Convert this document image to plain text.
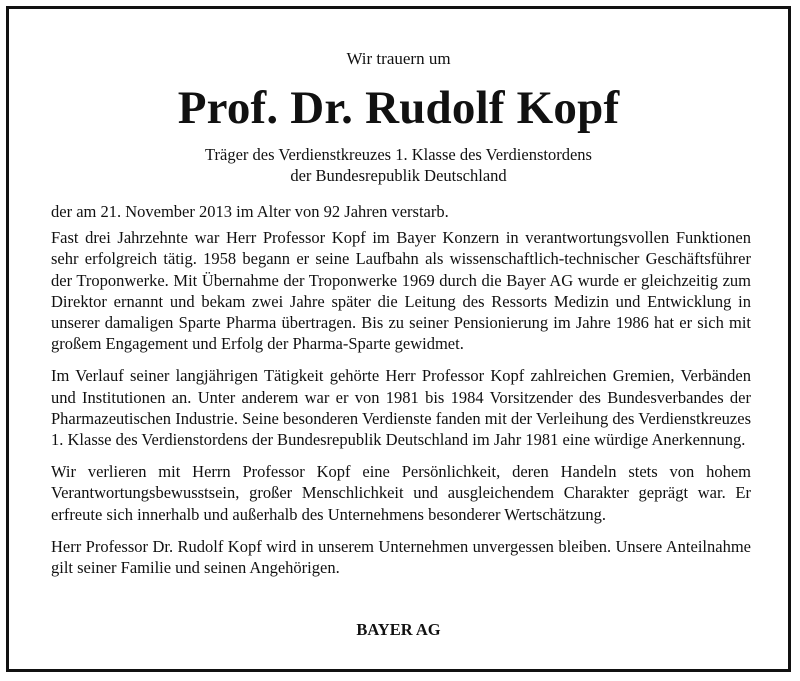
Wir trauern um
Prof. Dr. Rudolf Kopf
Träger des Verdienstkreuzes 1. Klasse des Verdienstordens
der Bundesrepublik Deutschland

der am 21. November 2013 im Alter von 92 Jahren verstarb.

Fast drei Jahrzehnte war Herr Professor Kopf im Bayer Konzern in verantwortungsvollen Funktionen sehr erfolgreich tätig. 1958 begann er seine Laufbahn als wissenschaftlich-technischer Geschäftsführer der Troponwerke. Mit Übernahme der Troponwerke 1969 durch die Bayer AG wurde er gleichzeitig zum Direktor ernannt und bekam zwei Jahre später die Leitung des Ressorts Medizin und Entwicklung in unserer damaligen Sparte Pharma übertragen. Bis zu seiner Pensionierung im Jahre 1986 hat er sich mit großem Engagement und Erfolg der Pharma-Sparte gewidmet.

Im Verlauf seiner langjährigen Tätigkeit gehörte Herr Professor Kopf zahlreichen Gremien, Verbänden und Institutionen an. Unter anderem war er von 1981 bis 1984 Vorsitzender des Bundesverbandes der Pharmazeutischen Industrie. Seine besonderen Verdienste fanden mit der Verleihung des Verdienstkreuzes 1. Klasse des Verdienstordens der Bundesrepublik Deutschland im Jahr 1981 eine würdige Anerkennung.

Wir verlieren mit Herrn Professor Kopf eine Persönlichkeit, deren Handeln stets von hohem Verantwortungsbewusstsein, großer Menschlichkeit und ausgleichendem Charakter geprägt war. Er erfreute sich innerhalb und außerhalb des Unternehmens besonderer Wertschätzung.

Herr Professor Dr. Rudolf Kopf wird in unserem Unternehmen unvergessen bleiben. Unsere Anteilnahme gilt seiner Familie und seinen Angehörigen.

BAYER AG
